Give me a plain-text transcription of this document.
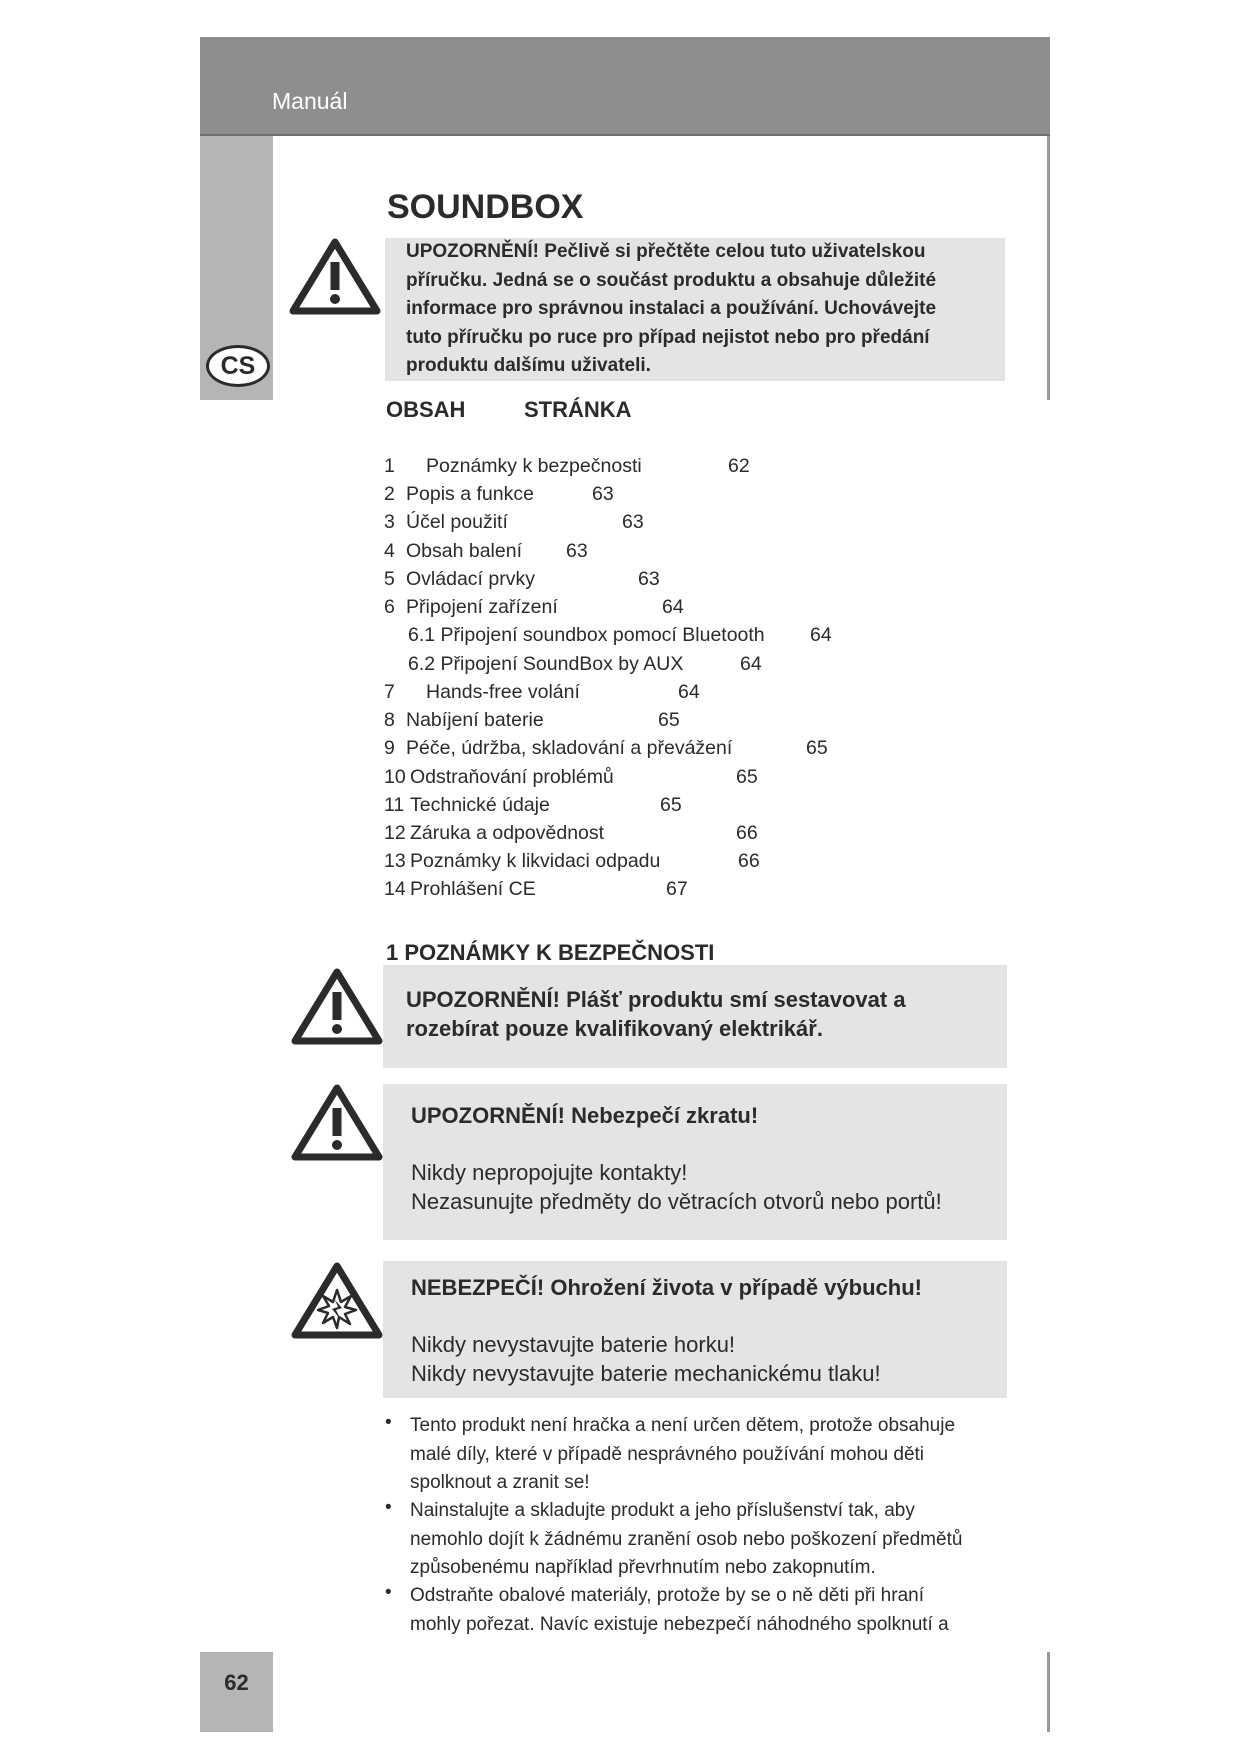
Manuál
CS
SOUNDBOX
UPOZORNĚNÍ! Pečlivě si přečtěte celou tuto uživatelskou
příručku. Jedná se o součást produktu a obsahuje důležité
informace pro správnou instalaci a používání. Uchovávejte
tuto příručku po ruce pro případ nejistot nebo pro předání
produktu dalšímu uživateli.
OBSAH	STRÁNKA
1 Poznámky k bezpečnosti	62
2 Popis a funkce	63
3 Účel použití	63
4 Obsah balení 63
5 Ovládací prvky	63
6 Připojení zařízení	64
6.1 Připojení soundbox pomocí Bluetooth 64
6.2 Připojení SoundBox by AUX	64
7 Hands-free volání	64
8 Nabíjení baterie	65
9 Péče, údržba, skladování a převážení	65
10 Odstraňování problémů	65
11 Technické údaje	65
12 Záruka a odpovědnost	66
13 Poznámky k likvidaci odpadu	66
14 Prohlášení CE	67
1 POZNÁMKY K BEZPEČNOSTI
UPOZORNĚNÍ! Plášť produktu smí sestavovat a
rozebírat pouze kvalifikovaný elektrikář.
UPOZORNĚNÍ! Nebezpečí zkratu!
Nikdy nepropojujte kontakty!
Nezasunujte předměty do větracích otvorů nebo portů!
NEBEZPEČÍ! Ohrožení života v případě výbuchu!
Nikdy nevystavujte baterie horku!
Nikdy nevystavujte baterie mechanickému tlaku!
• Tento produkt není hračka a není určen dětem, protože obsahuje
malé díly, které v případě nesprávného používání mohou děti
spolknout a zranit se!
• Nainstalujte a skladujte produkt a jeho příslušenství tak, aby
nemohlo dojít k žádnému zranění osob nebo poškození předmětů
způsobenému například převrhnutím nebo zakopnutím.
• Odstraňte obalové materiály, protože by se o ně děti při hraní
mohly pořezat. Navíc existuje nebezpečí náhodného spolknutí a
62
